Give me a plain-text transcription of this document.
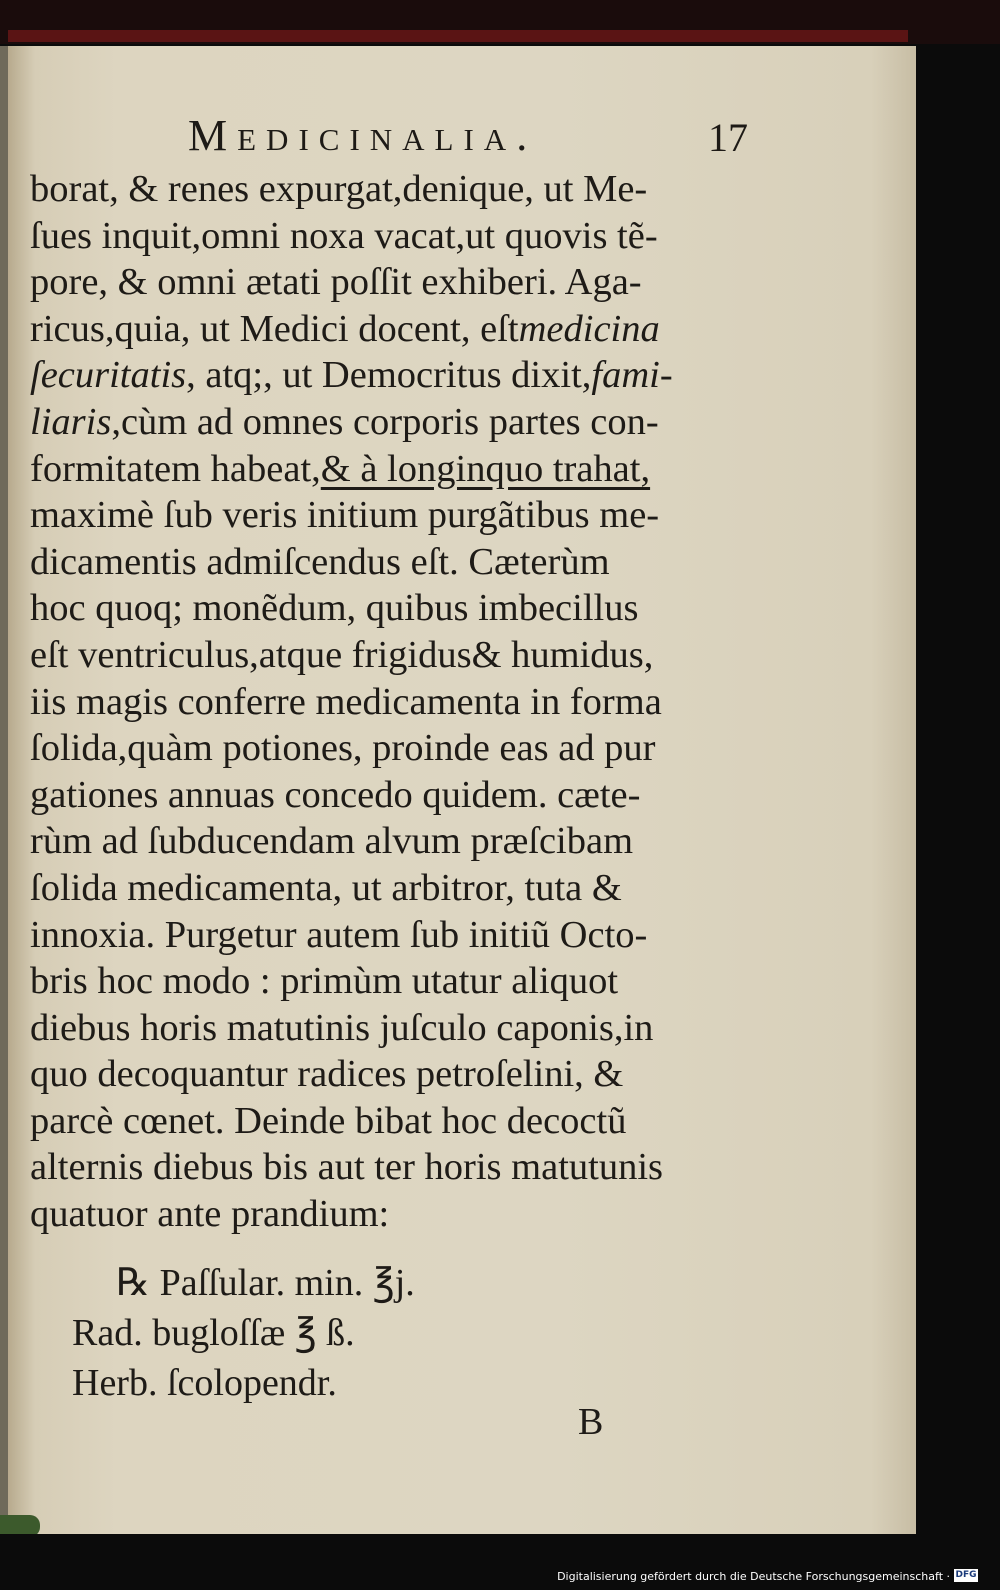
Medicinalia.	17
borat, & renes expurgat,denique, ut Me-
ſues inquit,omni noxa vacat,ut quovis tẽ-
pore, & omni ætati poſſit exhiberi. Aga-
ricus,quia, ut Medici docent, eſtmedicina
ſecuritatis, atq;, ut Democritus dixit,fami-
liaris,cùm ad omnes corporis partes con-
formitatem habeat,& à longinquo trahat,
maximè ſub veris initium purgãtibus me-
dicamentis admiſcendus eſt. Cæterùm
hoc quoq; monẽdum, quibus imbecillus
eſt ventriculus,atque frigidus& humidus,
iis magis conferre medicamenta in forma
ſolida,quàm potiones, proinde eas ad pur
gationes annuas concedo quidem. cæte-
rùm ad ſubducendam alvum præſcibam
ſolida medicamenta, ut arbitror, tuta &
innoxia. Purgetur autem ſub initiũ Octo-
bris hoc modo : primùm utatur aliquot
diebus horis matutinis juſculo caponis,in
quo decoquantur radices petroſelini, &
parcè cœnet. Deinde bibat hoc decoctũ
alternis diebus bis aut ter horis matutunis
quatuor ante prandium:
℞ Paſſular. min. ℥j.
Rad. bugloſſæ ℥ ß.
Herb. ſcolopendr.
B
Digitalisierung gefördert durch die Deutsche Forschungsgemeinschaft · DFG
